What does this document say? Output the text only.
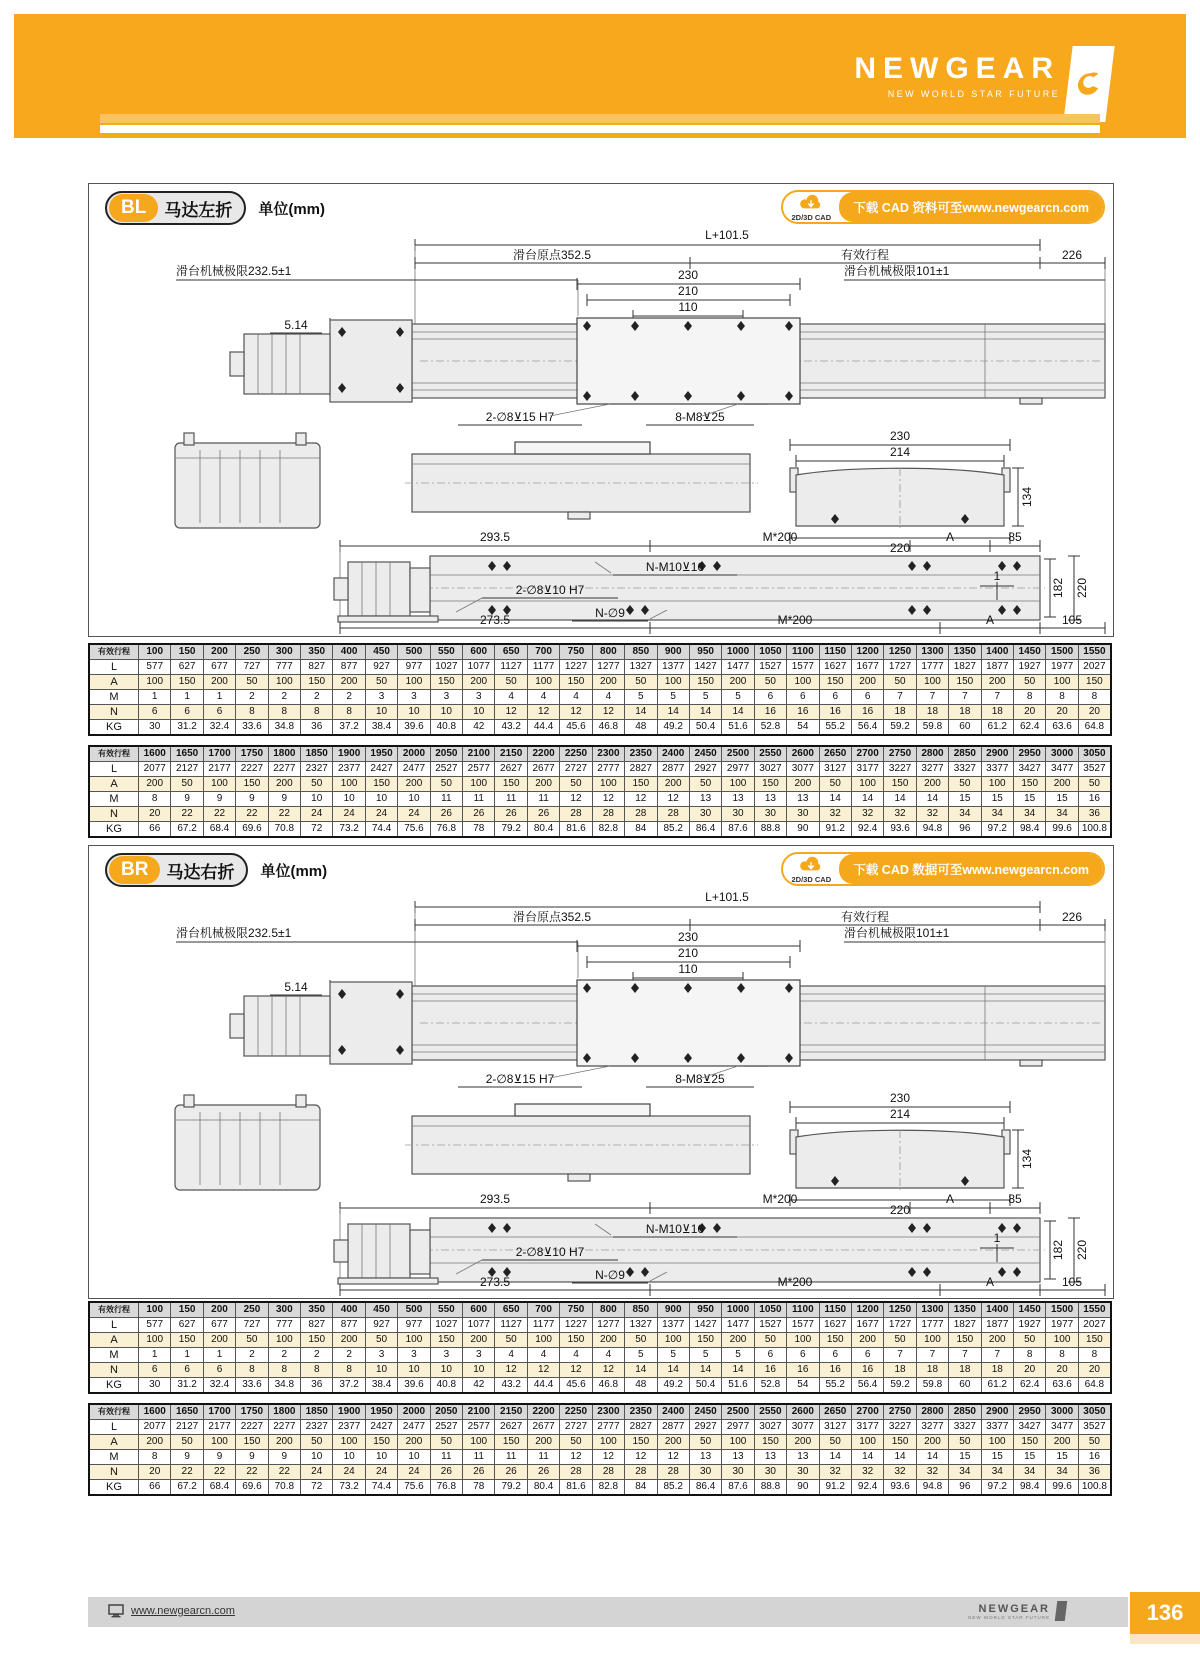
NEWGEAR
NEW WORLD STAR FUTURE
BL	马达左折	单位(mm)	2D/3D CAD
下载 CAD 资料可至www.newgearcn.com
L+101.5
滑台原点352.5	有效行程	226
滑台机械极限232.5±1	滑台机械极限101±1
230
210
110
5.14
2-∅8⊻15 H7	8-M8⊻25
230
214
134
220
293.5	M*200	A	85
N-M10⊻16
2-∅8⊻10 H7
1
N-∅9
182 220
273.5	M*200	A	105
有效行程	100	150	200	250	300	350	400	450	500	550	600	650	700	750	800	850	900	950	1000	1050	1100	1150	1200	1250	1300	1350	1400	1450	1500	1550
L	577	627	677	727	777	827	877	927	977	1027	1077	1127	1177	1227	1277	1327	1377	1427	1477	1527	1577	1627	1677	1727	1777	1827	1877	1927	1977	2027
A	100	150	200	50	100	150	200	50	100	150	200	50	100	150	200	50	100	150	200	50	100	150	200	50	100	150	200	50	100	150
M	1	1	1	2	2	2	2	3	3	3	3	4	4	4	4	5	5	5	5	6	6	6	6	7	7	7	7	8	8	8
N	6	6	6	8	8	8	8	10	10	10	10	12	12	12	12	14	14	14	14	16	16	16	16	18	18	18	18	20	20	20
KG	30	31.2	32.4	33.6	34.8	36	37.2	38.4	39.6	40.8	42	43.2	44.4	45.6	46.8	48	49.2	50.4	51.6	52.8	54	55.2	56.4	59.2	59.8	60	61.2	62.4	63.6	64.8
有效行程	1600	1650	1700	1750	1800	1850	1900	1950	2000	2050	2100	2150	2200	2250	2300	2350	2400	2450	2500	2550	2600	2650	2700	2750	2800	2850	2900	2950	3000	3050
L	2077	2127	2177	2227	2277	2327	2377	2427	2477	2527	2577	2627	2677	2727	2777	2827	2877	2927	2977	3027	3077	3127	3177	3227	3277	3327	3377	3427	3477	3527
A	200	50	100	150	200	50	100	150	200	50	100	150	200	50	100	150	200	50	100	150	200	50	100	150	200	50	100	150	200	50
M	8	9	9	9	9	10	10	10	10	11	11	11	11	12	12	12	12	13	13	13	13	14	14	14	14	15	15	15	15	16
N	20	22	22	22	22	24	24	24	24	26	26	26	26	28	28	28	28	30	30	30	30	32	32	32	32	34	34	34	34	36
KG	66	67.2	68.4	69.6	70.8	72	73.2	74.4	75.6	76.8	78	79.2	80.4	81.6	82.8	84	85.2	86.4	87.6	88.8	90	91.2	92.4	93.6	94.8	96	97.2	98.4	99.6	100.8
BR	马达右折	单位(mm)	2D/3D CAD
下载 CAD 数据可至www.newgearcn.com
L+101.5
滑台原点352.5	有效行程	226
滑台机械极限232.5±1	滑台机械极限101±1
230
210
110
5.14
2-∅8⊻15 H7	8-M8⊻25
230
214
134
220
293.5	M*200	A	85
N-M10⊻16
2-∅8⊻10 H7
1
N-∅9
182 220
273.5	M*200	A	105
有效行程	100	150	200	250	300	350	400	450	500	550	600	650	700	750	800	850	900	950	1000	1050	1100	1150	1200	1250	1300	1350	1400	1450	1500	1550
L	577	627	677	727	777	827	877	927	977	1027	1077	1127	1177	1227	1277	1327	1377	1427	1477	1527	1577	1627	1677	1727	1777	1827	1877	1927	1977	2027
A	100	150	200	50	100	150	200	50	100	150	200	50	100	150	200	50	100	150	200	50	100	150	200	50	100	150	200	50	100	150
M	1	1	1	2	2	2	2	3	3	3	3	4	4	4	4	5	5	5	5	6	6	6	6	7	7	7	7	8	8	8
N	6	6	6	8	8	8	8	10	10	10	10	12	12	12	12	14	14	14	14	16	16	16	16	18	18	18	18	20	20	20
KG	30	31.2	32.4	33.6	34.8	36	37.2	38.4	39.6	40.8	42	43.2	44.4	45.6	46.8	48	49.2	50.4	51.6	52.8	54	55.2	56.4	59.2	59.8	60	61.2	62.4	63.6	64.8
有效行程	1600	1650	1700	1750	1800	1850	1900	1950	2000	2050	2100	2150	2200	2250	2300	2350	2400	2450	2500	2550	2600	2650	2700	2750	2800	2850	2900	2950	3000	3050
L	2077	2127	2177	2227	2277	2327	2377	2427	2477	2527	2577	2627	2677	2727	2777	2827	2877	2927	2977	3027	3077	3127	3177	3227	3277	3327	3377	3427	3477	3527
A	200	50	100	150	200	50	100	150	200	50	100	150	200	50	100	150	200	50	100	150	200	50	100	150	200	50	100	150	200	50
M	8	9	9	9	9	10	10	10	10	11	11	11	11	12	12	12	12	13	13	13	13	14	14	14	14	15	15	15	15	16
N	20	22	22	22	22	24	24	24	24	26	26	26	26	28	28	28	28	30	30	30	30	32	32	32	32	34	34	34	34	36
KG	66	67.2	68.4	69.6	70.8	72	73.2	74.4	75.6	76.8	78	79.2	80.4	81.6	82.8	84	85.2	86.4	87.6	88.8	90	91.2	92.4	93.6	94.8	96	97.2	98.4	99.6	100.8
www.newgearcn.com	NEWGEAR
NEW WORLD STAR FUTURE	136
